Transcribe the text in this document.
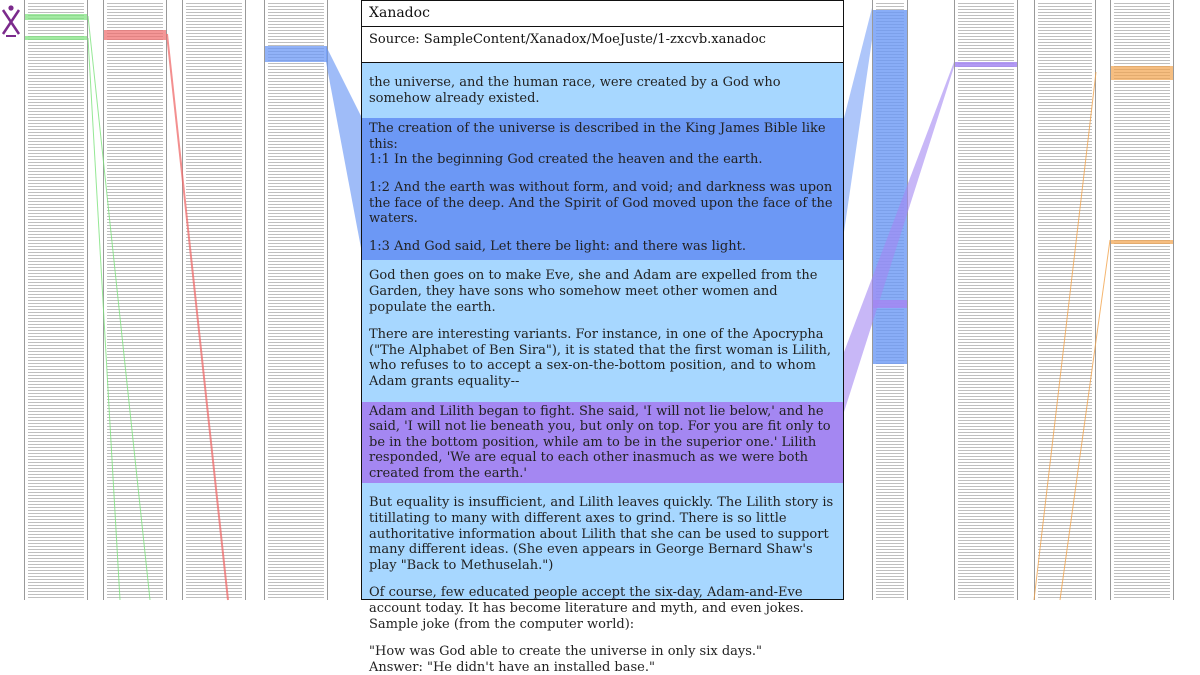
Xanadoc
Source: SampleContent/Xanadox/MoeJuste/1-zxcvb.xanadoc

the universe, and the human race, were created by a God who somehow already existed.

The creation of the universe is described in the King James Bible like this:

1:1 In the beginning God created the heaven and the earth.

1:2 And the earth was without form, and void; and darkness was upon the face of the deep. And the Spirit of God moved upon the face of the waters.

1:3 And God said, Let there be light: and there was light.

God then goes on to make Eve, she and Adam are expelled from the Garden, they have sons who somehow meet other women and populate the earth.

There are interesting variants. For instance, in one of the Apocrypha ("The Alphabet of Ben Sira"), it is stated that the first woman is Lilith, who refuses to to accept a sex-on-the-bottom position, and to whom Adam grants equality--

Adam and Lilith began to fight. She said, 'I will not lie below,' and he said, 'I will not lie beneath you, but only on top. For you are fit only to be in the bottom position, while am to be in the superior one.' Lilith responded, 'We are equal to each other inasmuch as we were both created from the earth.'

But equality is insufficient, and Lilith leaves quickly. The Lilith story is titillating to many with different axes to grind. There is so little authoritative information about Lilith that she can be used to support many different ideas. (She even appears in George Bernard Shaw's play "Back to Methuselah.")

Of course, few educated people accept the six-day, Adam-and-Eve account today. It has become literature and myth, and even jokes. Sample joke (from the computer world):

"How was God able to create the universe in only six days."

Answer: "He didn't have an installed base."
